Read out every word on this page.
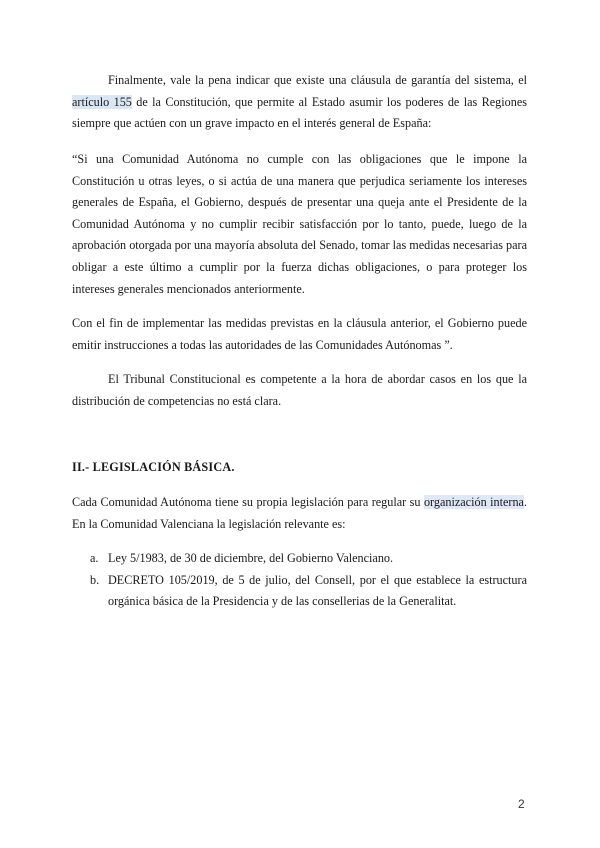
Finalmente, vale la pena indicar que existe una cláusula de garantía del sistema, el artículo 155 de la Constitución, que permite al Estado asumir los poderes de las Regiones siempre que actúen con un grave impacto en el interés general de España:

“Si una Comunidad Autónoma no cumple con las obligaciones que le impone la Constitución u otras leyes, o si actúa de una manera que perjudica seriamente los intereses generales de España, el Gobierno, después de presentar una queja ante el Presidente de la Comunidad Autónoma y no cumplir recibir satisfacción por lo tanto, puede, luego de la aprobación otorgada por una mayoría absoluta del Senado, tomar las medidas necesarias para obligar a este último a cumplir por la fuerza dichas obligaciones, o para proteger los intereses generales mencionados anteriormente.

Con el fin de implementar las medidas previstas en la cláusula anterior, el Gobierno puede emitir instrucciones a todas las autoridades de las Comunidades Autónomas ”.

El Tribunal Constitucional es competente a la hora de abordar casos en los que la distribución de competencias no está clara.

II.- LEGISLACIÓN BÁSICA.

Cada Comunidad Autónoma tiene su propia legislación para regular su organización interna. En la Comunidad Valenciana la legislación relevante es:

a. Ley 5/1983, de 30 de diciembre, del Gobierno Valenciano.
b. DECRETO 105/2019, de 5 de julio, del Consell, por el que establece la estructura orgánica básica de la Presidencia y de las consellerias de la Generalitat.

2
